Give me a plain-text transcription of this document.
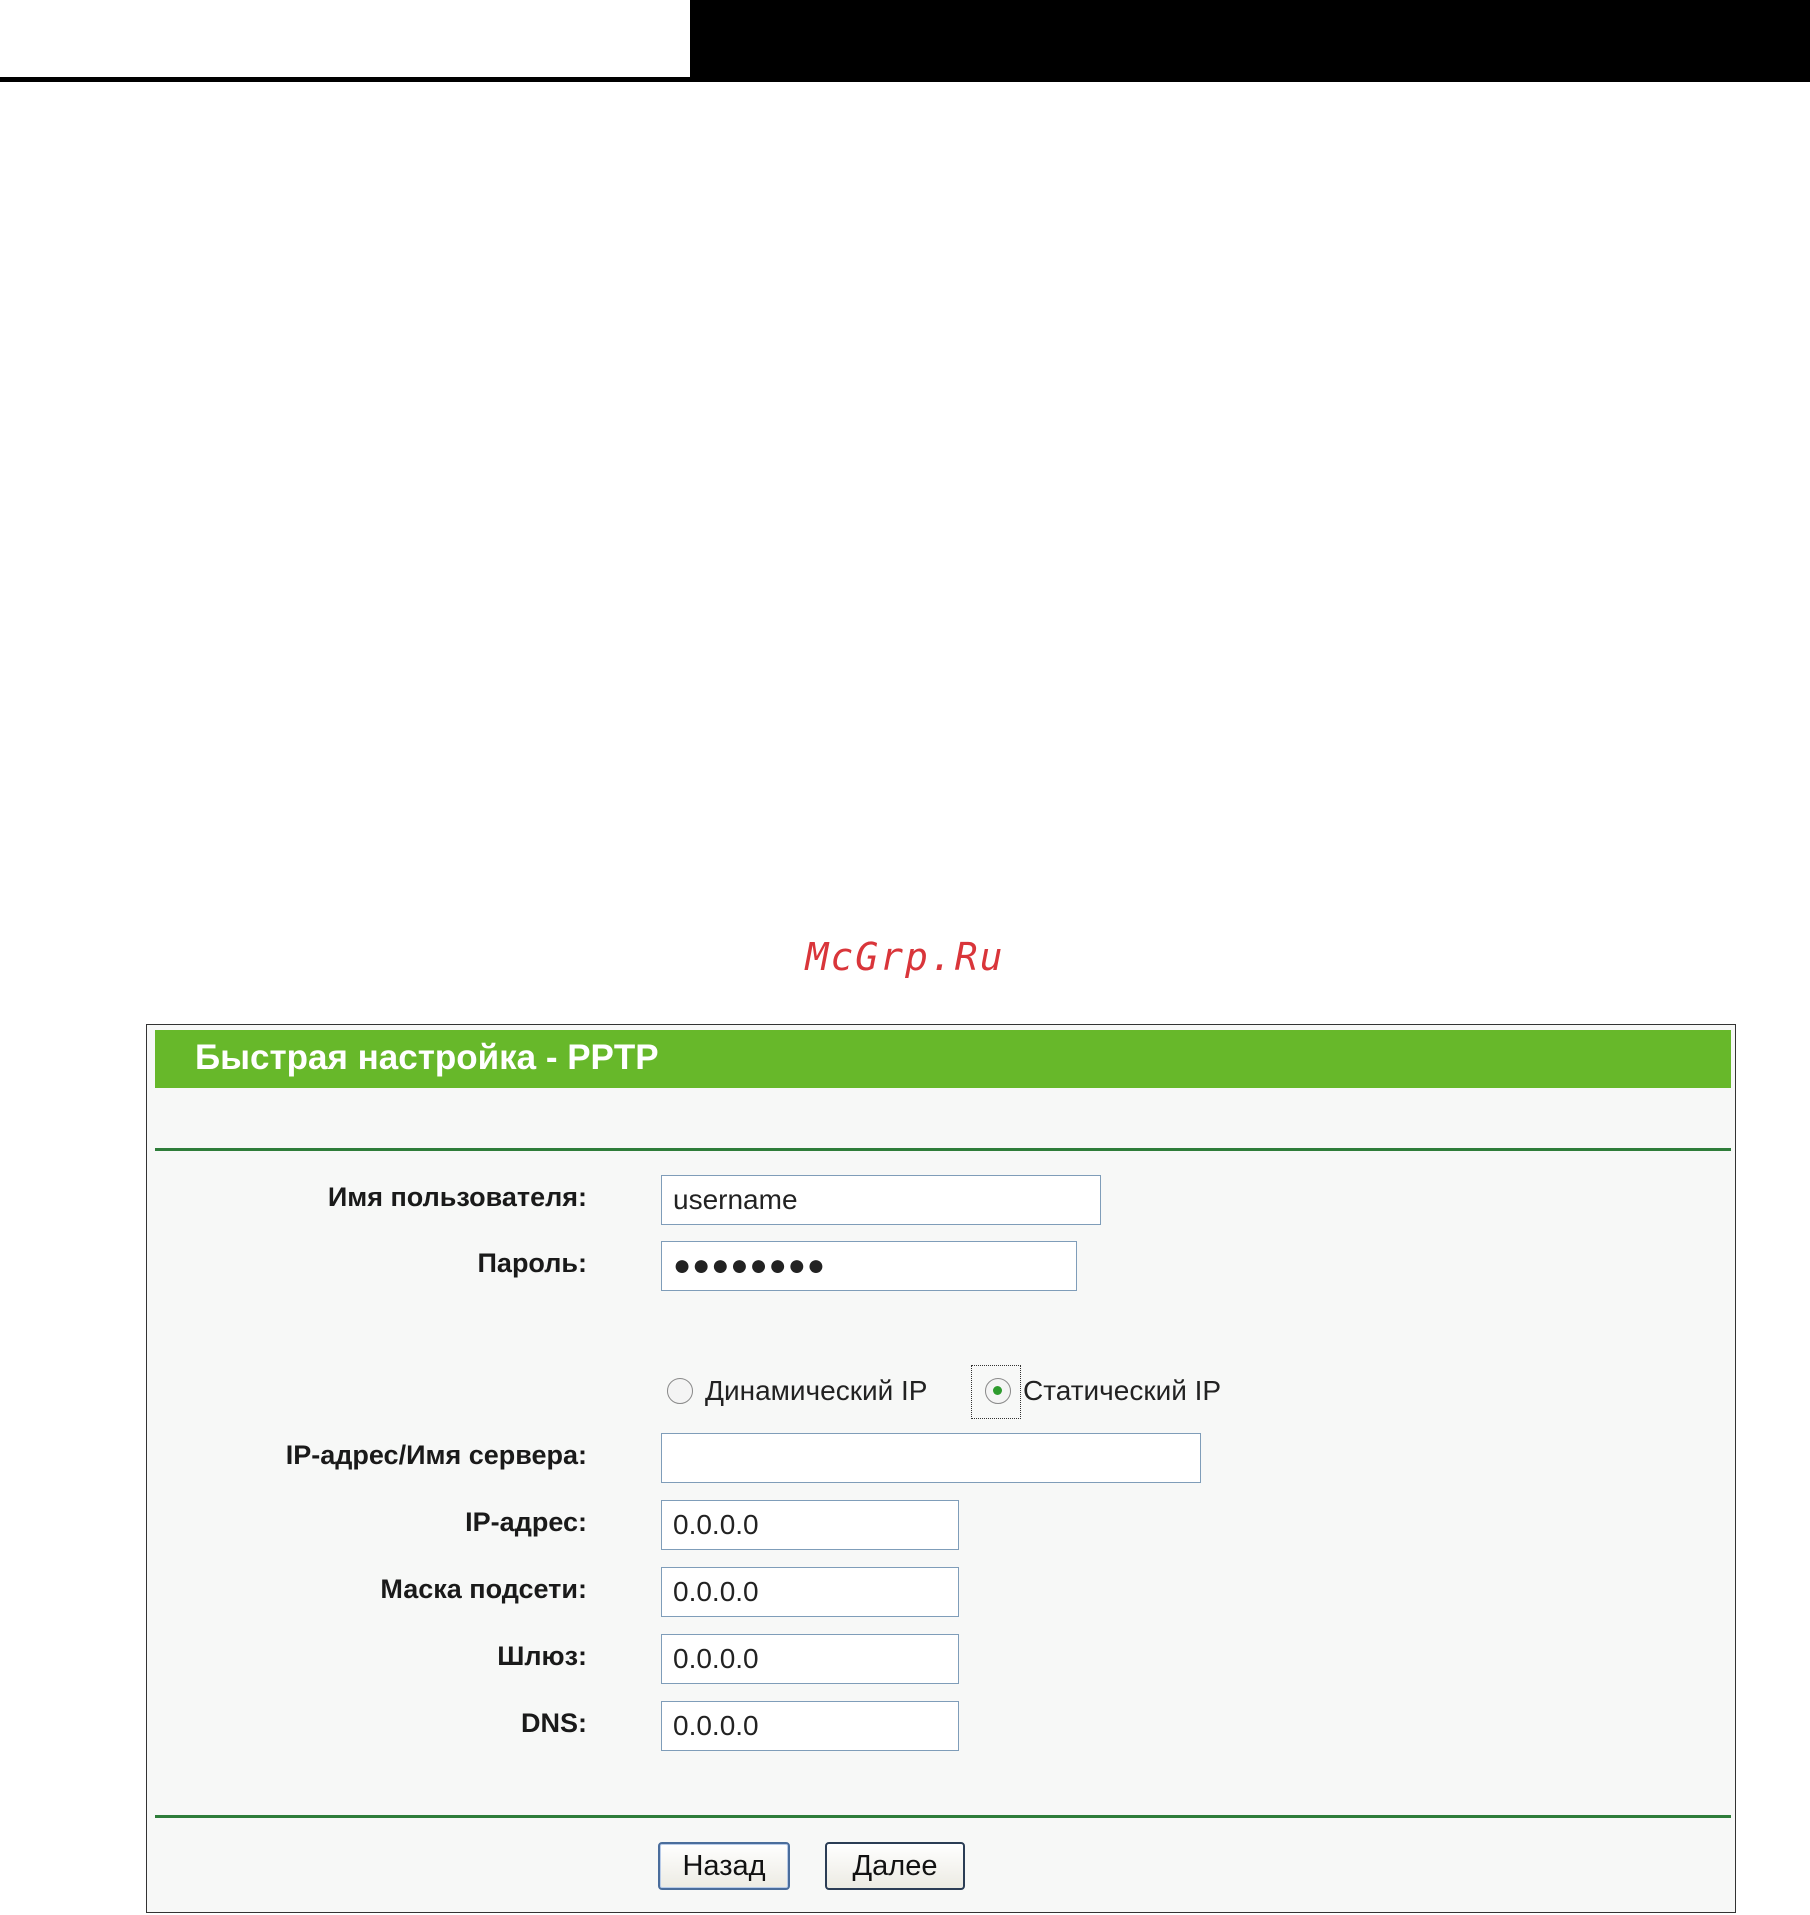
McGrp.Ru
Быстрая настройка - PPTP
Имя пользователя:	username
Пароль:	●●●●●●●●
Динамический IP	Статический IP
IP-адрес/Имя сервера:
IP-адрес:	0.0.0.0
Маска подсети:	0.0.0.0
Шлюз:	0.0.0.0
DNS:	0.0.0.0
Назад	Далее
